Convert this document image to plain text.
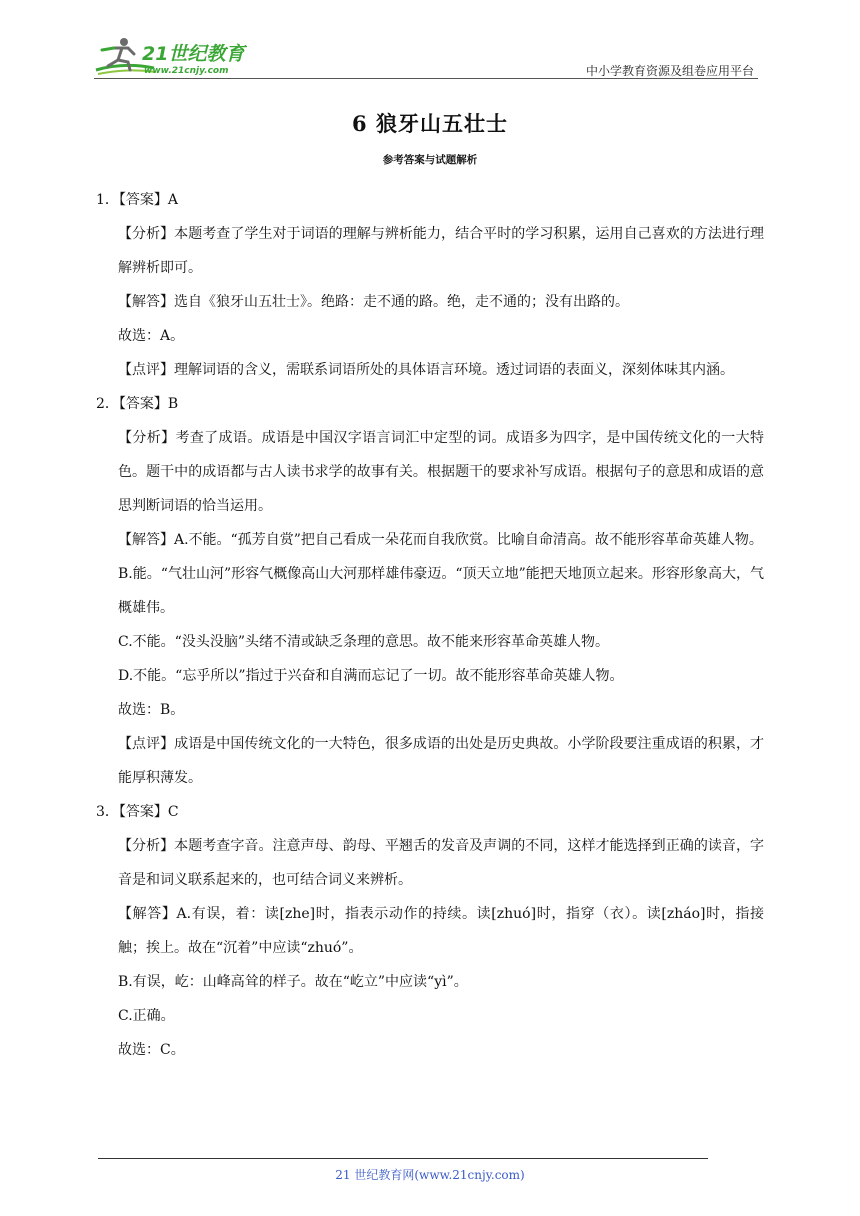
21世纪教育
www.21cnjy.com	中小学教育资源及组卷应用平台
6 狼牙山五壮士
参考答案与试题解析
1．【答案】A
【分析】本题考查了学生对于词语的理解与辨析能力，结合平时的学习积累，运用自己喜欢的方法进行理解辨析即可。
【解答】选自《狼牙山五壮士》。绝路：走不通的路。绝，走不通的；没有出路的。
故选：A。
【点评】理解词语的含义，需联系词语所处的具体语言环境。透过词语的表面义，深刻体味其内涵。
2．【答案】B
【分析】考查了成语。成语是中国汉字语言词汇中定型的词。成语多为四字，是中国传统文化的一大特色。题干中的成语都与古人读书求学的故事有关。根据题干的要求补写成语。根据句子的意思和成语的意思判断词语的恰当运用。
【解答】A.不能。“孤芳自赏”把自己看成一朵花而自我欣赏。比喻自命清高。故不能形容革命英雄人物。
B.能。“气壮山河”形容气概像高山大河那样雄伟豪迈。“顶天立地”能把天地顶立起来。形容形象高大，气概雄伟。
C.不能。“没头没脑”头绪不清或缺乏条理的意思。故不能来形容革命英雄人物。
D.不能。“忘乎所以”指过于兴奋和自满而忘记了一切。故不能形容革命英雄人物。
故选：B。
【点评】成语是中国传统文化的一大特色，很多成语的出处是历史典故。小学阶段要注重成语的积累，才能厚积薄发。
3．【答案】C
【分析】本题考查字音。注意声母、韵母、平翘舌的发音及声调的不同，这样才能选择到正确的读音，字音是和词义联系起来的，也可结合词义来辨析。
【解答】A.有误，着：读[zhe]时，指表示动作的持续。读[zhuó]时，指穿（衣）。读[zháo]时，指接触；挨上。故在“沉着”中应读“zhuó”。
B.有误，屹：山峰高耸的样子。故在“屹立”中应读“yì”。
C.正确。
故选：C。
21 世纪教育网(www.21cnjy.com)
